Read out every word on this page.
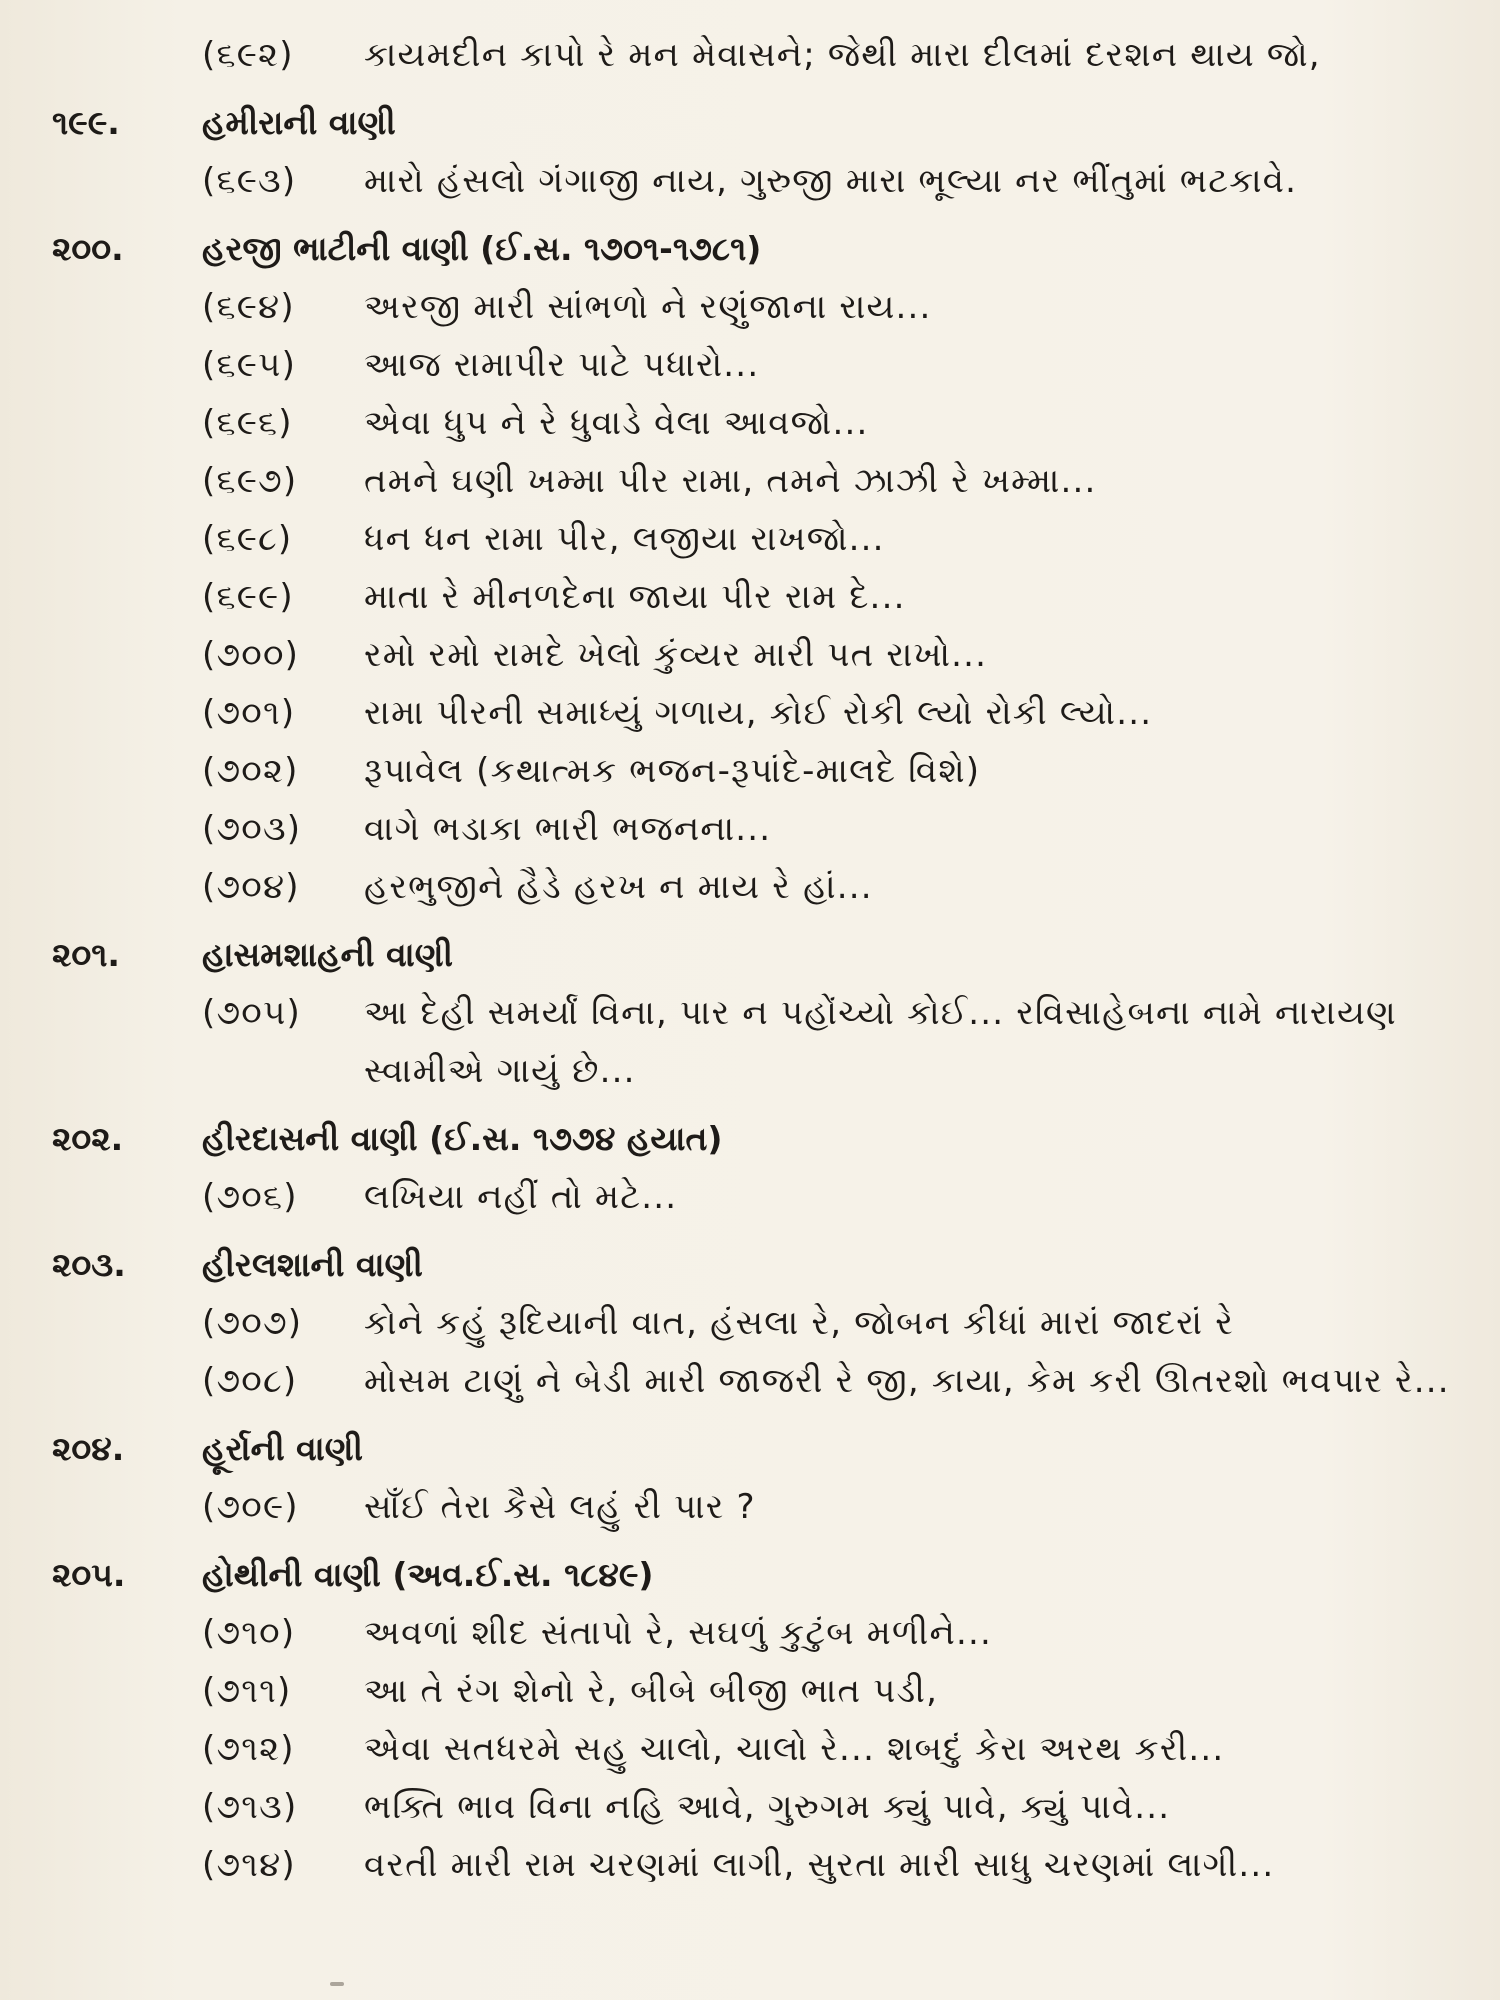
(૬૯૨)	કાયમદીન કાપો રે મન મેવાસને; જેથી મારા દીલમાં દરશન થાય જો,
૧૯૯.	હમીરાની વાણી
(૬૯૩)	મારો હંસલો ગંગાજી નાય, ગુરુજી મારા ભૂલ્યા નર ભીંતુમાં ભટકાવે.
૨૦૦.	હરજી ભાટીની વાણી (ઈ.સ. ૧૭૦૧-૧૭૮૧)
(૬૯૪)	અરજી મારી સાંભળો ને રણુંજાના રાય...
(૬૯૫)	આજ રામાપીર પાટે પધારો...
(૬૯૬)	એવા ધુપ ને રે ધુવાડે વેલા આવજો...
(૬૯૭)	તમને ઘણી ખમ્મા પીર રામા, તમને ઝાઝી રે ખમ્મા...
(૬૯૮)	ધન ધન રામા પીર, લજીયા રાખજો...
(૬૯૯)	માતા રે મીનળદેના જાયા પીર રામ દે...
(૭૦૦)	રમો રમો રામદે ખેલો કુંવ્યર મારી પત રાખો...
(૭૦૧)	રામા પીરની સમાધ્યું ગળાય, કોઈ રોકી લ્યો રોકી લ્યો...
(૭૦૨)	રૂપાવેલ (કથાત્મક ભજન-રૂપાંદે-માલદે વિશે)
(૭૦૩)	વાગે ભડાકા ભારી ભજનના...
(૭૦૪)	હરભુજીને હૈડે હરખ ન માય રે હાં...
૨૦૧.	હાસમશાહની વાણી
(૭૦૫)	આ દેહી સમર્યાં વિના, પાર ન પહોંચ્યો કોઈ... રવિસાહેબના નામે નારાયણ સ્વામીએ ગાયું છે...
૨૦૨.	હીરદાસની વાણી (ઈ.સ. ૧૭૭૪ હયાત)
(૭૦૬)	લખિયા નહીં તો મટે...
૨૦૩.	હીરલશાની વાણી
(૭૦૭)	કોને કહું રૂદિયાની વાત, હંસલા રે, જોબન કીધાં મારાં જાદરાં રે
(૭૦૮)	મોસમ ટાણું ને બેડી મારી જાજરી રે જી, કાયા, કેમ કરી ઊતરશો ભવપાર રે...
૨૦૪.	હૂર્રાની વાણી
(૭૦૯)	સાઁઈ તેરા કૈસે લહું રી પાર ?
૨૦૫.	હોથીની વાણી (અવ.ઈ.સ. ૧૮૪૯)
(૭૧૦)	અવળાં શીદ સંતાપો રે, સઘળું કુટુંબ મળીને...
(૭૧૧)	આ તે રંગ શેનો રે, બીબે બીજી ભાત પડી,
(૭૧૨)	એવા સતધરમે સહુ ચાલો, ચાલો રે... શબદું કેરા અરથ કરી...
(૭૧૩)	ભક્તિ ભાવ વિના નહિ આવે, ગુરુગમ ક્યું પાવે, ક્યું પાવે...
(૭૧૪)	વરતી મારી રામ ચરણમાં લાગી, સુરતા મારી સાધુ ચરણમાં લાગી...
